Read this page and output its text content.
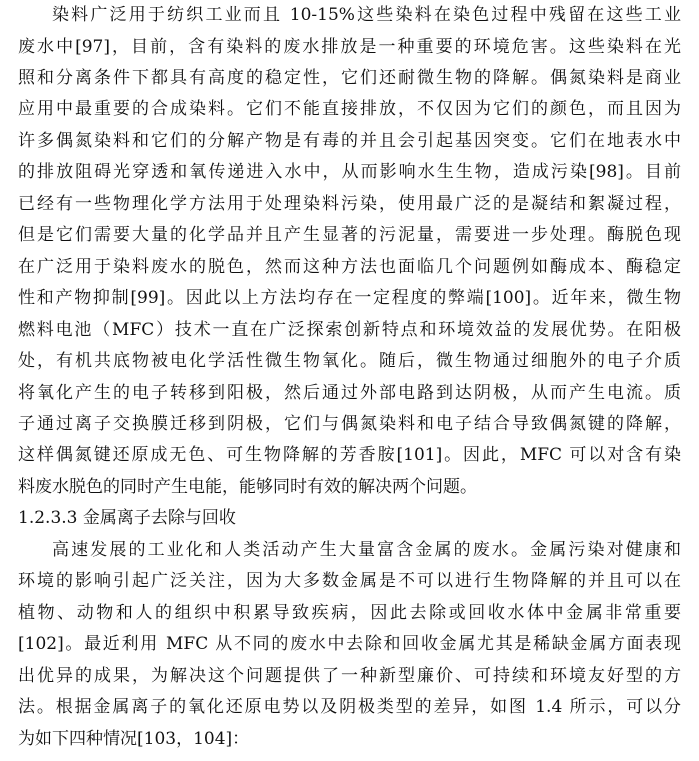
染料广泛用于纺织工业而且 10-15%这些染料在染色过程中残留在这些工业
废水中[97]，目前，含有染料的废水排放是一种重要的环境危害。这些染料在光
照和分离条件下都具有高度的稳定性，它们还耐微生物的降解。偶氮染料是商业
应用中最重要的合成染料。它们不能直接排放，不仅因为它们的颜色，而且因为
许多偶氮染料和它们的分解产物是有毒的并且会引起基因突变。它们在地表水中
的排放阻碍光穿透和氧传递进入水中，从而影响水生生物，造成污染[98]。目前
已经有一些物理化学方法用于处理染料污染，使用最广泛的是凝结和絮凝过程，
但是它们需要大量的化学品并且产生显著的污泥量，需要进一步处理。酶脱色现
在广泛用于染料废水的脱色，然而这种方法也面临几个问题例如酶成本、酶稳定
性和产物抑制[99]。因此以上方法均存在一定程度的弊端[100]。近年来，微生物
燃料电池（MFC）技术一直在广泛探索创新特点和环境效益的发展优势。在阳极
处，有机共底物被电化学活性微生物氧化。随后，微生物通过细胞外的电子介质
将氧化产生的电子转移到阳极，然后通过外部电路到达阴极，从而产生电流。质
子通过离子交换膜迁移到阴极，它们与偶氮染料和电子结合导致偶氮键的降解，
这样偶氮键还原成无色、可生物降解的芳香胺[101]。因此，MFC 可以对含有染
料废水脱色的同时产生电能，能够同时有效的解决两个问题。
1.2.3.3 金属离子去除与回收
高速发展的工业化和人类活动产生大量富含金属的废水。金属污染对健康和
环境的影响引起广泛关注，因为大多数金属是不可以进行生物降解的并且可以在
植物、动物和人的组织中积累导致疾病，因此去除或回收水体中金属非常重要
[102]。最近利用 MFC 从不同的废水中去除和回收金属尤其是稀缺金属方面表现
出优异的成果，为解决这个问题提供了一种新型廉价、可持续和环境友好型的方
法。根据金属离子的氧化还原电势以及阴极类型的差异，如图 1.4 所示，可以分
为如下四种情况[103，104]：
